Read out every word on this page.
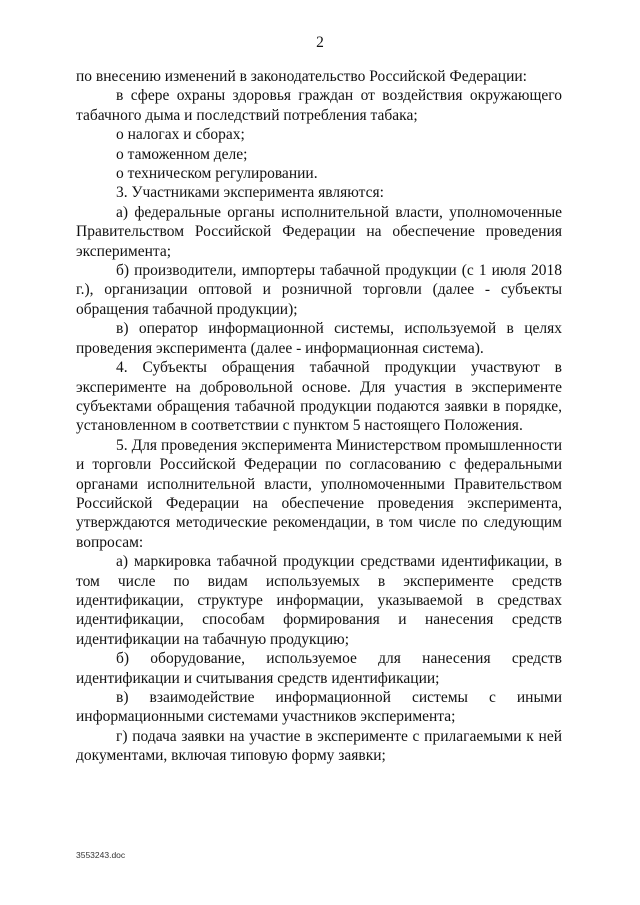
2

по внесению изменений в законодательство Российской Федерации:

в сфере охраны здоровья граждан от воздействия окружающего табачного дыма и последствий потребления табака;

о налогах и сборах;

о таможенном деле;

о техническом регулировании.

3. Участниками эксперимента являются:

а) федеральные органы исполнительной власти, уполномоченные Правительством Российской Федерации на обеспечение проведения эксперимента;

б) производители, импортеры табачной продукции (с 1 июля 2018 г.), организации оптовой и розничной торговли (далее - субъекты обращения табачной продукции);

в) оператор информационной системы, используемой в целях проведения эксперимента (далее - информационная система).

4. Субъекты обращения табачной продукции участвуют в эксперименте на добровольной основе. Для участия в эксперименте субъектами обращения табачной продукции подаются заявки в порядке, установленном в соответствии с пунктом 5 настоящего Положения.

5. Для проведения эксперимента Министерством промышленности и торговли Российской Федерации по согласованию с федеральными органами исполнительной власти, уполномоченными Правительством Российской Федерации на обеспечение проведения эксперимента, утверждаются методические рекомендации, в том числе по следующим вопросам:

а) маркировка табачной продукции средствами идентификации, в том числе по видам используемых в эксперименте средств идентификации, структуре информации, указываемой в средствах идентификации, способам формирования и нанесения средств идентификации на табачную продукцию;

б) оборудование, используемое для нанесения средств идентификации и считывания средств идентификации;

в) взаимодействие информационной системы с иными информационными системами участников эксперимента;

г) подача заявки на участие в эксперименте с прилагаемыми к ней документами, включая типовую форму заявки;

3553243.doc
